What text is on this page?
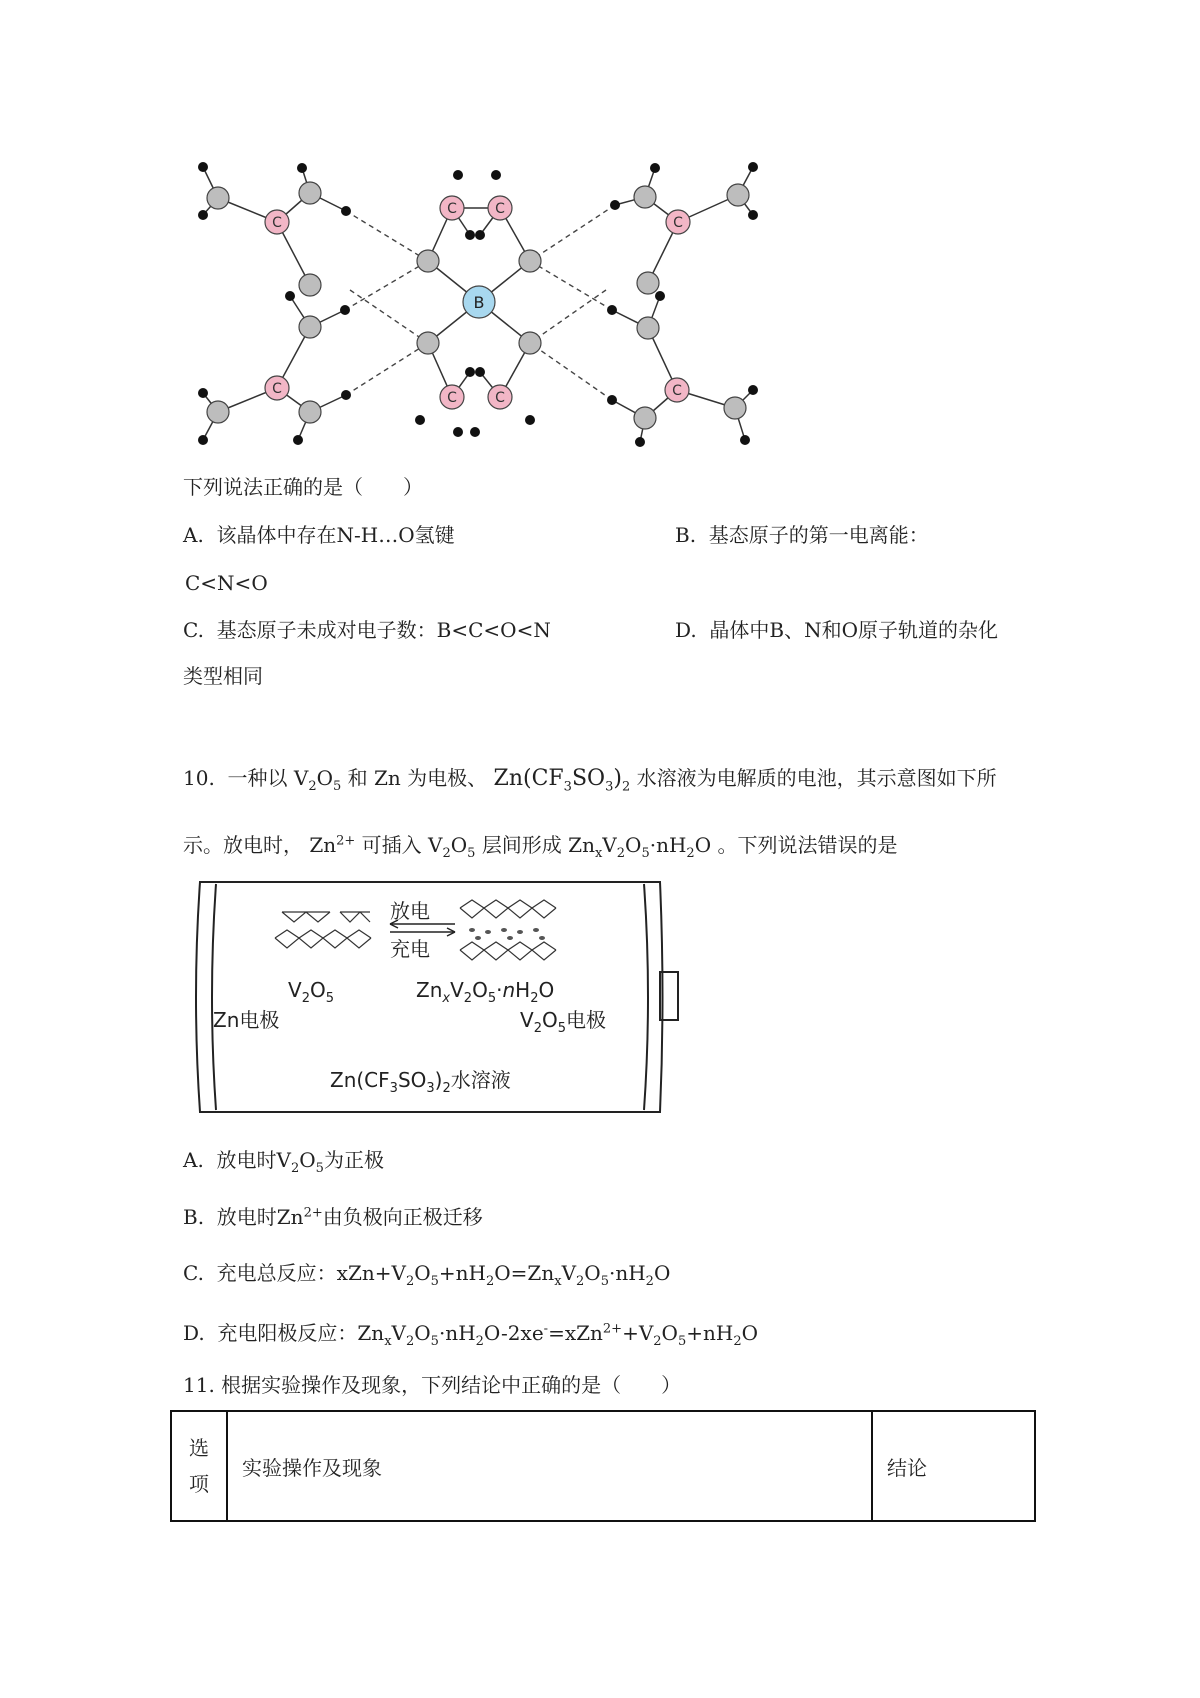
C
C
C
C
C	C
C	C
B
下列说法正确的是（　　）
A. 该晶体中存在N-H…O氢键	B. 基态原子的第一电离能：
C<N<O
C. 基态原子未成对电子数：B<C<O<N	D. 晶体中B、N和O原子轨道的杂化
类型相同
10. 一种以 $V_2O_5$ 和 Zn 为电极、 $Zn(CF_3SO_3)_2$ 水溶液为电解质的电池，其示意图如下所
示。放电时， $Zn^{2+}$ 可插入 $V_2O_5$ 层间形成 $Zn_xV_2O_5\cdot nH_2O$ 。下列说法错误的是
放电
充电
$V_2O_5$	$Zn_xV_2O_5\cdot nH_2O$
Zn电极	$V_2O_5$电极
$Zn(CF_3SO_3)_2$水溶液
A.  放电时$V_2O_5$为正极
B.  放电时$Zn^{2+}$由负极向正极迁移
C.  充电总反应：$xZn+V_2O_5+nH_2O=Zn_xV_2O_5\cdot nH_2O$
D.  充电阳极反应：$Zn_xV_2O_5\cdot nH_2O-2xe^-=xZn^{2+}+V_2O_5+nH_2O$
11. 根据实验操作及现象，下列结论中正确的是（　　）
选
项	实验操作及现象	结论
